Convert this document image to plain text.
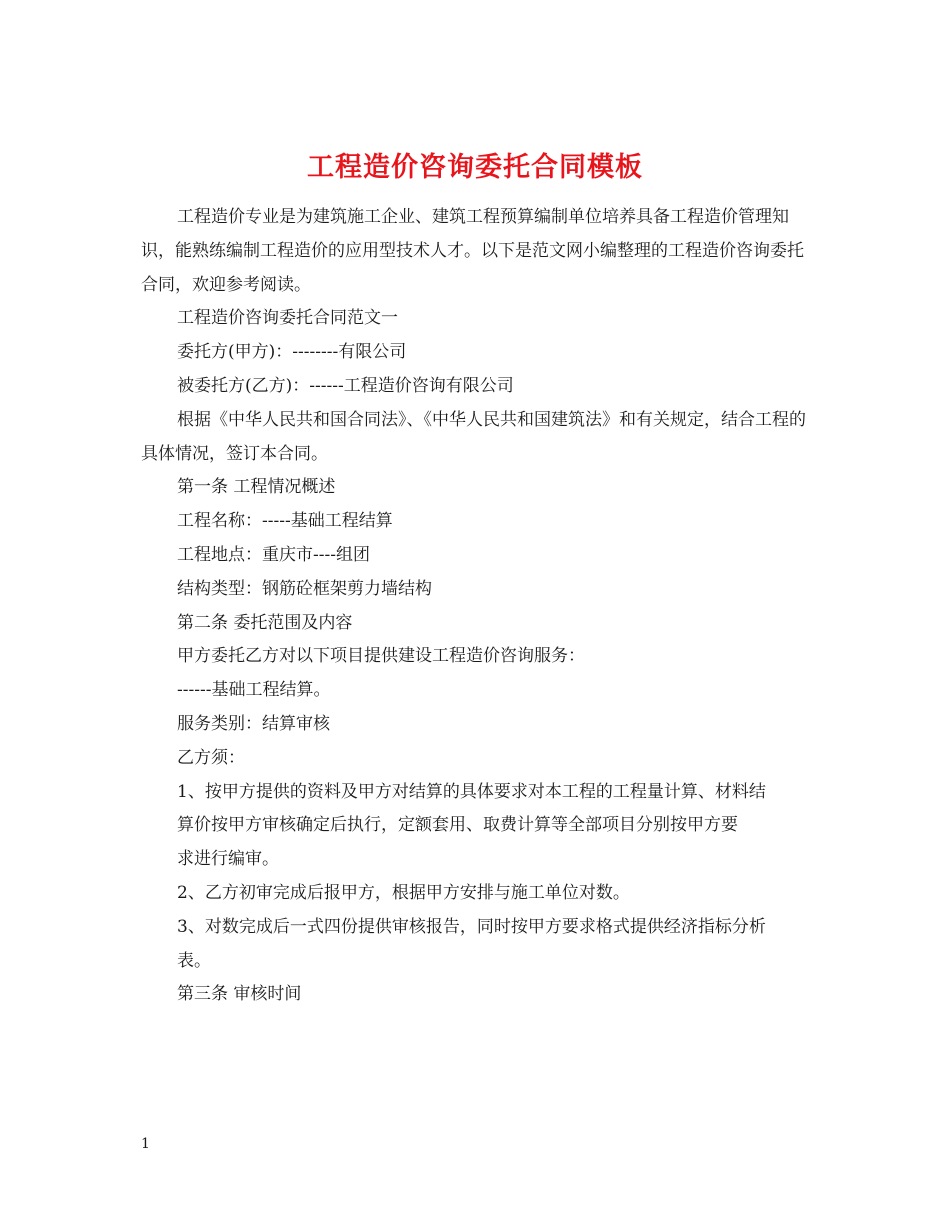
工程造价咨询委托合同模板

工程造价专业是为建筑施工企业、建筑工程预算编制单位培养具备工程造价管理知识，能熟练编制工程造价的应用型技术人才。以下是范文网小编整理的工程造价咨询委托合同，欢迎参考阅读。

工程造价咨询委托合同范文一

委托方(甲方)：--------有限公司

被委托方(乙方)：------工程造价咨询有限公司

根据《中华人民共和国合同法》、《中华人民共和国建筑法》和有关规定，结合工程的具体情况，签订本合同。

第一条 工程情况概述

工程名称：-----基础工程结算

工程地点：重庆市----组团

结构类型：钢筋砼框架剪力墙结构

第二条 委托范围及内容

甲方委托乙方对以下项目提供建设工程造价咨询服务：

------基础工程结算。

服务类别：结算审核

乙方须：

1、按甲方提供的资料及甲方对结算的具体要求对本工程的工程量计算、材料结

算价按甲方审核确定后执行，定额套用、取费计算等全部项目分别按甲方要

求进行编审。

2、乙方初审完成后报甲方，根据甲方安排与施工单位对数。

3、对数完成后一式四份提供审核报告，同时按甲方要求格式提供经济指标分析

表。

第三条 审核时间

1
